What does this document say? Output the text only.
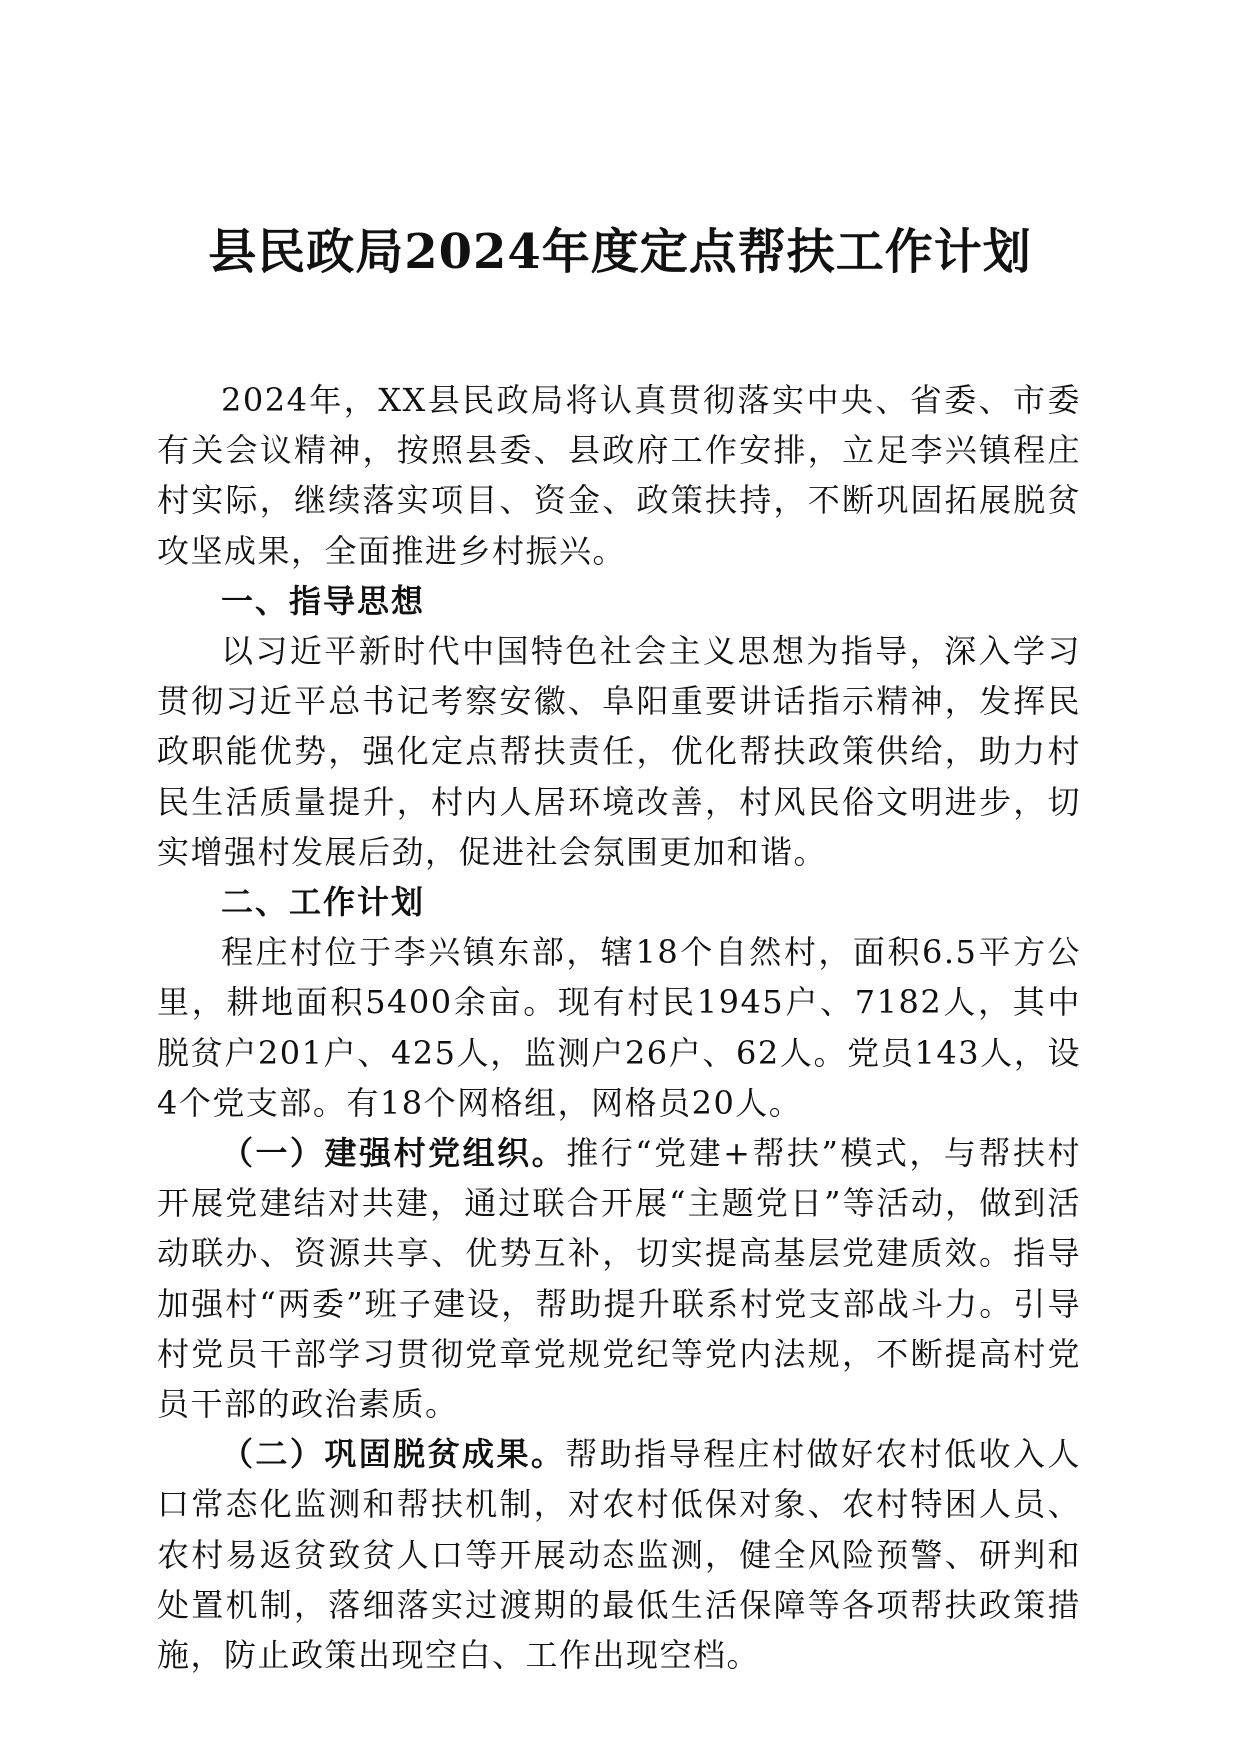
县民政局2024年度定点帮扶工作计划

2024年，XX县民政局将认真贯彻落实中央、省委、市委有关会议精神，按照县委、县政府工作安排，立足李兴镇程庄村实际，继续落实项目、资金、政策扶持，不断巩固拓展脱贫攻坚成果，全面推进乡村振兴。

一、指导思想

以习近平新时代中国特色社会主义思想为指导，深入学习贯彻习近平总书记考察安徽、阜阳重要讲话指示精神，发挥民政职能优势，强化定点帮扶责任，优化帮扶政策供给，助力村民生活质量提升，村内人居环境改善，村风民俗文明进步，切实增强村发展后劲，促进社会氛围更加和谐。

二、工作计划

程庄村位于李兴镇东部，辖18个自然村，面积6.5平方公里，耕地面积5400余亩。现有村民1945户、7182人，其中脱贫户201户、425人，监测户26户、62人。党员143人，设4个党支部。有18个网格组，网格员20人。

（一）建强村党组织。推行“党建+帮扶”模式，与帮扶村开展党建结对共建，通过联合开展“主题党日”等活动，做到活动联办、资源共享、优势互补，切实提高基层党建质效。指导加强村“两委”班子建设，帮助提升联系村党支部战斗力。引导村党员干部学习贯彻党章党规党纪等党内法规，不断提高村党员干部的政治素质。

（二）巩固脱贫成果。帮助指导程庄村做好农村低收入人口常态化监测和帮扶机制，对农村低保对象、农村特困人员、农村易返贫致贫人口等开展动态监测，健全风险预警、研判和处置机制，落细落实过渡期的最低生活保障等各项帮扶政策措施，防止政策出现空白、工作出现空档。
